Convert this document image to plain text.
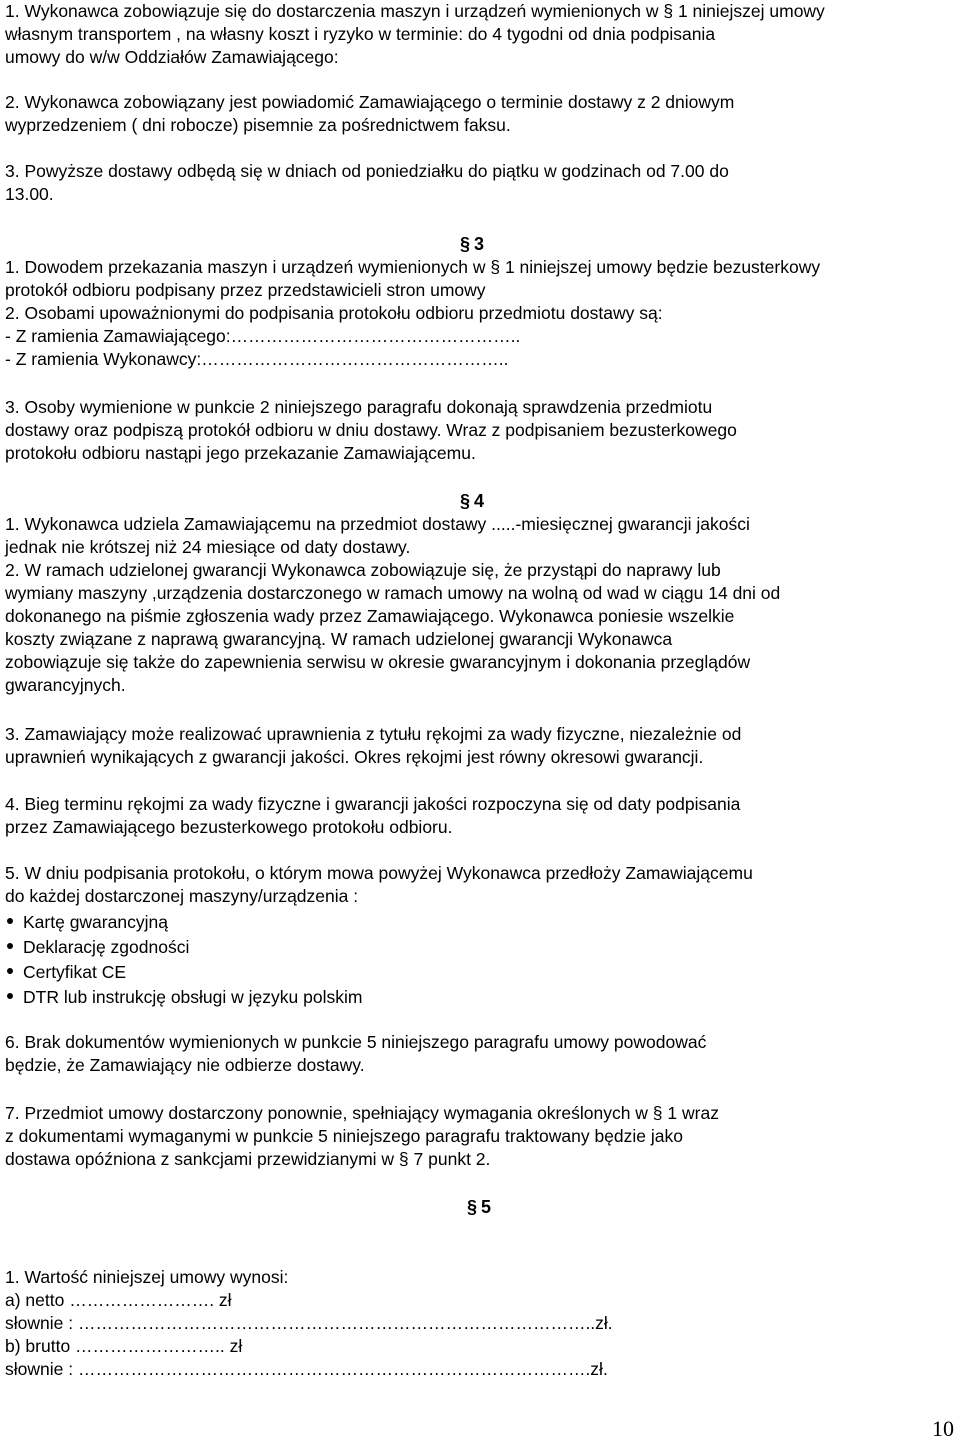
1. Wykonawca zobowiązuje się do dostarczenia maszyn i urządzeń wymienionych w § 1 niniejszej umowy
własnym transportem , na własny koszt i ryzyko w terminie: do 4 tygodni od dnia podpisania
umowy do w/w Oddziałów Zamawiającego:
2. Wykonawca zobowiązany jest powiadomić Zamawiającego o terminie dostawy z 2 dniowym
wyprzedzeniem ( dni robocze) pisemnie za pośrednictwem faksu.
3. Powyższe dostawy odbędą się w dniach od poniedziałku do piątku w godzinach od 7.00 do
13.00.
§ 3
1. Dowodem przekazania maszyn i urządzeń wymienionych w § 1 niniejszej umowy będzie bezusterkowy
protokół odbioru podpisany przez przedstawicieli stron umowy
2. Osobami upoważnionymi do podpisania protokołu odbioru przedmiotu dostawy są:
- Z ramienia Zamawiającego:…………………………………………..
- Z ramienia Wykonawcy:……………………………………………..
3. Osoby wymienione w punkcie 2 niniejszego paragrafu dokonają sprawdzenia przedmiotu
dostawy oraz podpiszą protokół odbioru w dniu dostawy. Wraz z podpisaniem bezusterkowego
protokołu odbioru nastąpi jego przekazanie Zamawiającemu.
§ 4
1. Wykonawca udziela Zamawiającemu na przedmiot dostawy .....-miesięcznej gwarancji jakości
jednak nie krótszej niż 24 miesiące od daty dostawy.
2. W ramach udzielonej gwarancji Wykonawca zobowiązuje się, że przystąpi do naprawy lub
wymiany maszyny ,urządzenia dostarczonego w ramach umowy na wolną od wad w ciągu 14 dni od
dokonanego na piśmie zgłoszenia wady przez Zamawiającego. Wykonawca poniesie wszelkie
koszty związane z naprawą gwarancyjną. W ramach udzielonej gwarancji Wykonawca
zobowiązuje się także do zapewnienia serwisu w okresie gwarancyjnym i dokonania przeglądów
gwarancyjnych.
3. Zamawiający może realizować uprawnienia z tytułu rękojmi za wady fizyczne, niezależnie od
uprawnień wynikających z gwarancji jakości. Okres rękojmi jest równy okresowi gwarancji.
4. Bieg terminu rękojmi za wady fizyczne i gwarancji jakości rozpoczyna się od daty podpisania
przez Zamawiającego bezusterkowego protokołu odbioru.
5. W dniu podpisania protokołu, o którym mowa powyżej Wykonawca przedłoży Zamawiającemu
do każdej dostarczonej maszyny/urządzenia :
Kartę gwarancyjną
Deklarację zgodności
Certyfikat CE
DTR lub instrukcję obsługi w języku polskim
6. Brak dokumentów wymienionych w punkcie 5 niniejszego paragrafu umowy powodować
będzie, że Zamawiający nie odbierze dostawy.
7. Przedmiot umowy dostarczony ponownie, spełniający wymagania określonych w § 1 wraz
z dokumentami wymaganymi w punkcie 5 niniejszego paragrafu traktowany będzie jako
dostawa opóźniona z sankcjami przewidzianymi w § 7 punkt 2.
§ 5
1. Wartość niniejszej umowy wynosi:
a) netto ……………………. zł
słownie : ……………………………………………………………………………..zł.
b) brutto …………………….. zł
słownie : …………………………………………………………………………….zł.
10
